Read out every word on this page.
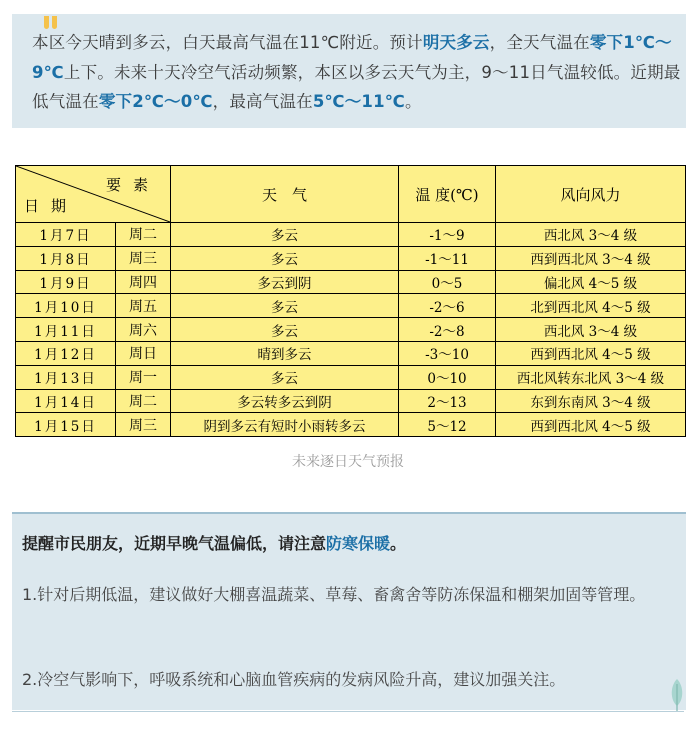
本区今天晴到多云，白天最高气温在11℃附近。预计明天多云，全天气温在零下1℃～9℃上下。未来十天冷空气活动频繁，本区以多云天气为主，9～11日气温较低。近期最低气温在零下2℃～0℃，最高气温在5℃～11℃。
要素
日期		天　气	温 度(℃)	风向风力
1月7日	周二	多云	-1～9	西北风 3～4 级
1月8日	周三	多云	-1～11	西到西北风 3～4 级
1月9日	周四	多云到阴	0～5	偏北风 4～5 级
1月10日	周五	多云	-2～6	北到西北风 4～5 级
1月11日	周六	多云	-2～8	西北风 3～4 级
1月12日	周日	晴到多云	-3～10	西到西北风 4～5 级
1月13日	周一	多云	0～10	西北风转东北风 3～4 级
1月14日	周二	多云转多云到阴	2～13	东到东南风 3～4 级
1月15日	周三	阴到多云有短时小雨转多云	5～12	西到西北风 4～5 级
未来逐日天气预报
提醒市民朋友，近期早晚气温偏低，请注意防寒保暖。

1.针对后期低温，建议做好大棚喜温蔬菜、草莓、畜禽舍等防冻保温和棚架加固等管理。

2.冷空气影响下，呼吸系统和心脑血管疾病的发病风险升高，建议加强关注。
